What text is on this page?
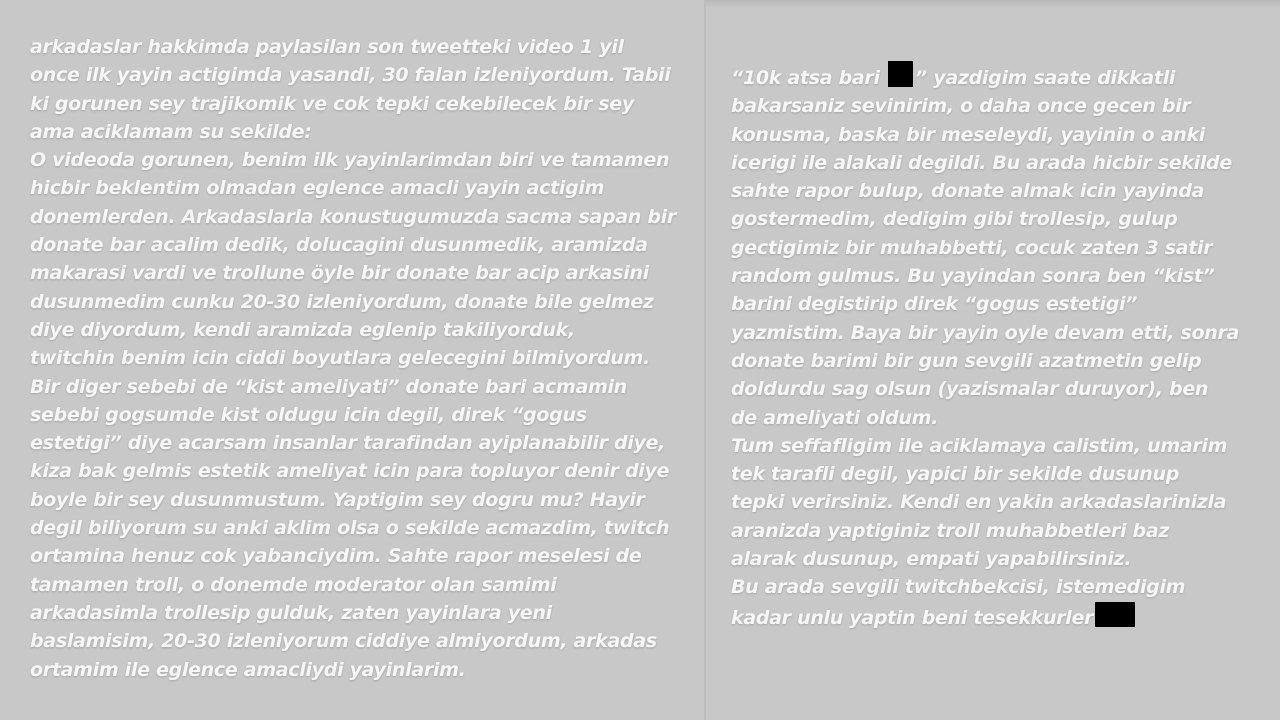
arkadaslar hakkimda paylasilan son tweetteki video 1 yil
once ilk yayin actigimda yasandi, 30 falan izleniyordum. Tabii
ki gorunen sey trajikomik ve cok tepki cekebilecek bir sey
ama aciklamam su sekilde:
O videoda gorunen, benim ilk yayinlarimdan biri ve tamamen
hicbir beklentim olmadan eglence amacli yayin actigim
donemlerden. Arkadaslarla konustugumuzda sacma sapan bir
donate bar acalim dedik, dolucagini dusunmedik, aramizda
makarasi vardi ve trollune öyle bir donate bar acip arkasini
dusunmedim cunku 20-30 izleniyordum, donate bile gelmez
diye diyordum, kendi aramizda eglenip takiliyorduk,
twitchin benim icin ciddi boyutlara gelecegini bilmiyordum.
Bir diger sebebi de “kist ameliyati” donate bari acmamin
sebebi gogsumde kist oldugu icin degil, direk “gogus
estetigi” diye acarsam insanlar tarafindan ayiplanabilir diye,
kiza bak gelmis estetik ameliyat icin para topluyor denir diye
boyle bir sey dusunmustum. Yaptigim sey dogru mu? Hayir
degil biliyorum su anki aklim olsa o sekilde acmazdim, twitch
ortamina henuz cok yabanciydim. Sahte rapor meselesi de
tamamen troll, o donemde moderator olan samimi
arkadasimla trollesip gulduk, zaten yayinlara yeni
baslamisim, 20-30 izleniyorum ciddiye almiyordum, arkadas
ortamim ile eglence amacliydi yayinlarim.

“10k atsa bari ” yazdigim saate dikkatli
bakarsaniz sevinirim, o daha once gecen bir
konusma, baska bir meseleydi, yayinin o anki
icerigi ile alakali degildi. Bu arada hicbir sekilde
sahte rapor bulup, donate almak icin yayinda
gostermedim, dedigim gibi trollesip, gulup
gectigimiz bir muhabbetti, cocuk zaten 3 satir
random gulmus. Bu yayindan sonra ben “kist”
barini degistirip direk “gogus estetigi”
yazmistim. Baya bir yayin oyle devam etti, sonra
donate barimi bir gun sevgili azatmetin gelip
doldurdu sag olsun (yazismalar duruyor), ben
de ameliyati oldum.
Tum seffafligim ile aciklamaya calistim, umarim
tek tarafli degil, yapici bir sekilde dusunup
tepki verirsiniz. Kendi en yakin arkadaslarinizla
aranizda yaptiginiz troll muhabbetleri baz
alarak dusunup, empati yapabilirsiniz.
Bu arada sevgili twitchbekcisi, istemedigim
kadar unlu yaptin beni tesekkurler
